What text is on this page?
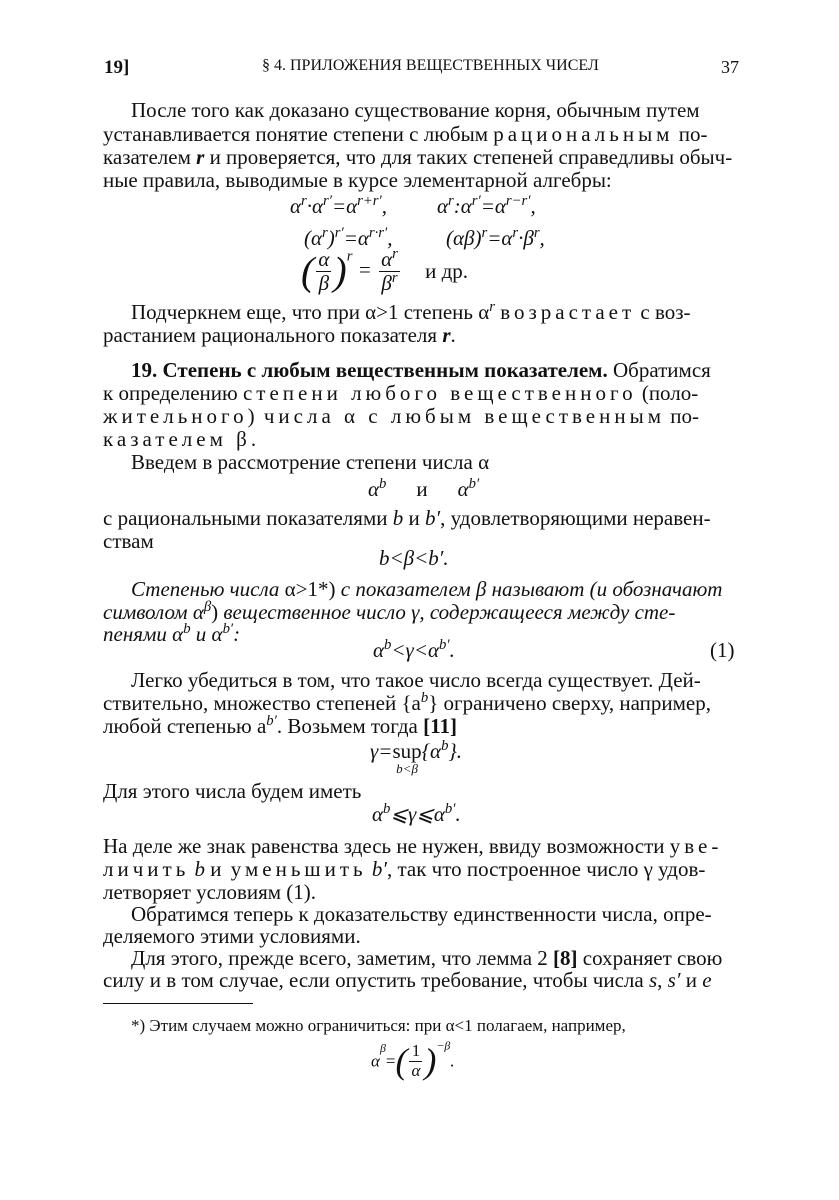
19]	§ 4. ПРИЛОЖЕНИЯ ВЕЩЕСТВЕННЫХ ЧИСЕЛ	37
После того как доказано существование корня, обычным путем
устанавливается понятие степени с любым рациональным по-
казателем r и проверяется, что для таких степеней справедливы обыч-
ные правила, выводимые в курсе элементарной алгебры:
$\alpha^r\cdot\alpha^{r'}=\alpha^{r+r'}$, $\alpha^r:\alpha^{r'}=\alpha^{r-r'}$,
$(\alpha^r)^{r'}=\alpha^{r\cdot r'}$,	$(\alpha\beta)^r=\alpha^r\cdot\beta^r$,
( $\frac{\alpha}{\beta} )^r = \frac{\alpha^r}{\beta^r}$ и др.
Подчеркнем еще, что при α>1 степень $\alpha^r$ возрастает с воз-
растанием рационального показателя r.
19. Степень с любым вещественным показателем. Обратимся
к определению степени любого вещественного (поло-
жительного) числа α с любым вещественным по-
казателем β.
Введем в рассмотрение степени числа α
$\alpha^b$ и $\alpha^{b'}$
с рациональными показателями b и b′, удовлетворяющими неравен-
ствам
b<β<b′.
Степенью числа α>1*) с показателем β называют (и обозначают
символом $\alpha^\beta$) вещественное число γ, содержащееся между сте-
пенями $\alpha^b$ и $\alpha^{b'}$:
$\alpha^b<\gamma<\alpha^{b'}$.	(1)
Легко убедиться в том, что такое число всегда существует. Дей-
ствительно, множество степеней $\{a^b\}$ ограничено сверху, например,
любой степенью $a^{b'}$. Возьмем тогда [11]
γ=sup
b<β
$\{\alpha^b\}$.
Для этого числа будем иметь
$\alpha^b⩽\gamma⩽\alpha^{b'}$.
На деле же знак равенства здесь не нужен, ввиду возможности уве-
личить b и уменьшить b′, так что построенное число γ удов-
летворяет условиям (1).
Обратимся теперь к доказательству единственности числа, опре-
деляемого этими условиями.
Для этого, прежде всего, заметим, что лемма 2 [8] сохраняет свою
силу и в том случае, если опустить требование, чтобы числа s, s′ и e
*) Этим случаем можно ограничиться: при α<1 полагаем, например,
$\alpha^\beta=( \frac{1}{\alpha} )^{-\beta}$.
